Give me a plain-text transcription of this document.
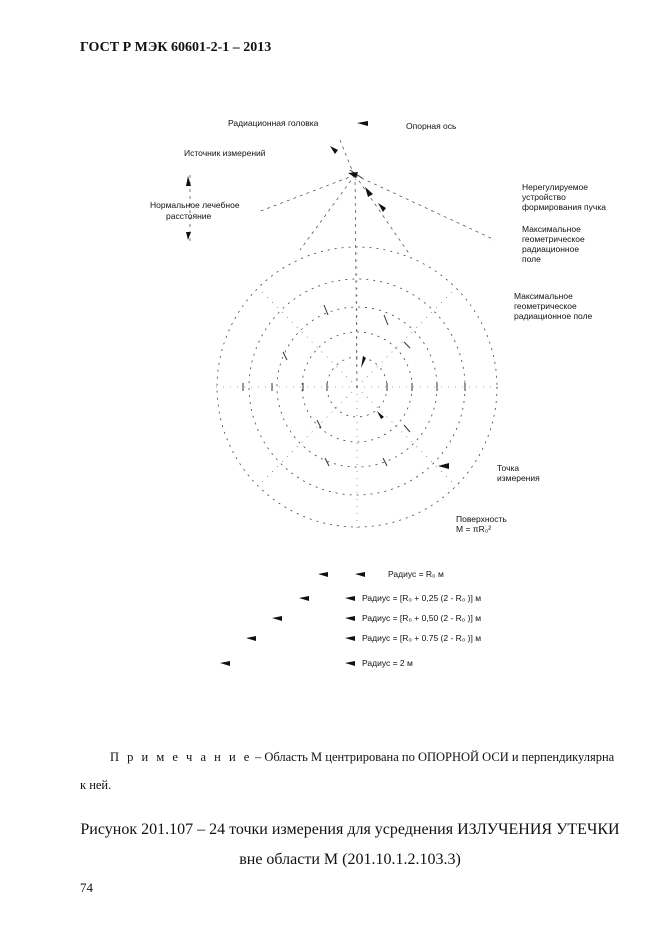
ГОСТ Р МЭК 60601-2-1 – 2013
Радиационная головка	Опорная ось
Источник измерений
Нормальное лечебное
расстояние
Нерегулируемое
устройство
формирования пучка
Максимальное
геометрическое
радиационное
поле
Максимальное
геометрическое
радиационное поле
Точка
измерения
Поверхность
M = πR₀²
Радиус = R₀ м
Радиус = [R₀ + 0,25 (2 - R₀ )] м
Радиус = [R₀ + 0,50 (2 - R₀ )] м
Радиус = [R₀ + 0.75 (2 - R₀ )] м
Радиус = 2 м
П р и м е ч а н и е – Область M центрирована по ОПОРНОЙ ОСИ и перпендикулярна к ней.
Рисунок 201.107 – 24 точки измерения для усреднения ИЗЛУЧЕНИЯ УТЕЧКИ
вне области M (201.10.1.2.103.3)
74
